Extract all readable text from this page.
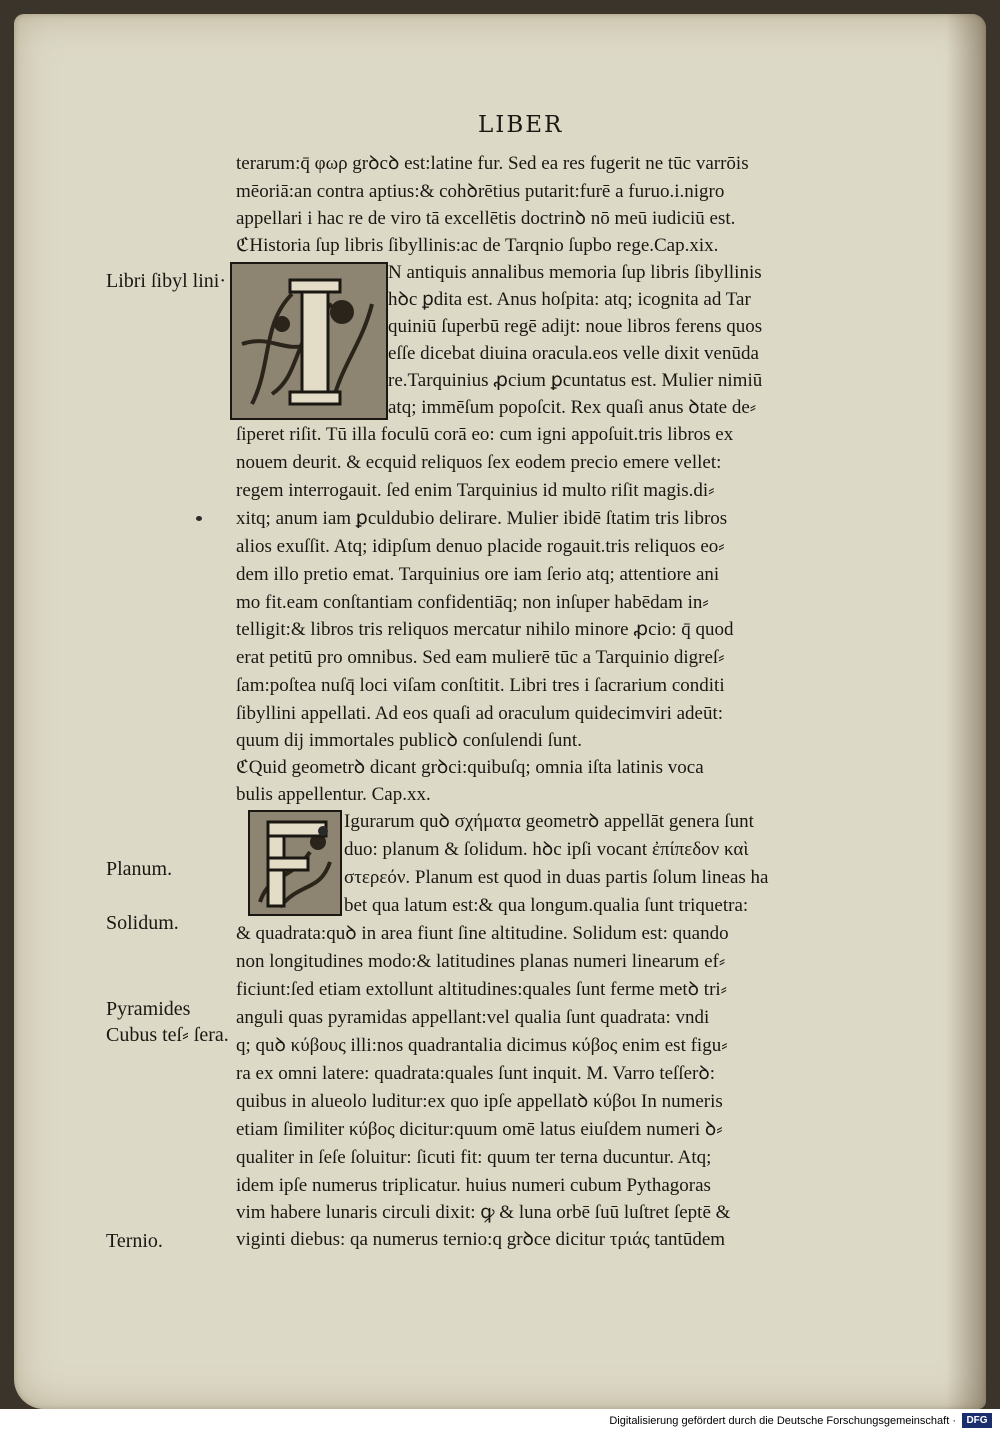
LIBER
terarum:q̄ φωρ grꝺcꝺ est:latine fur. Sed ea res fugerit ne tūc varrōis
mēoriā:an contra aptius:& cohꝺrētius putarit:furē a furuo.i.nigro
appellari i hac re de viro tā excellētis doctrinꝺ nō meū iudiciū est.
ℭHistoria ſup libris ſibyllinis:ac de Tarqnio ſupbo rege.Cap.xix.
N antiquis annalibus memoria ſup libris ſibyllinis
hꝺc ꝑdita est. Anus hoſpita: atq; icognita ad Tar
quiniū ſuperbū regē adijt: noue libros ferens quos
eſſe dicebat diuina oracula.eos velle dixit venūda
re.Tarquinius ꝓcium ꝑcuntatus est. Mulier nimiū
atq; immēſum popoſcit. Rex quaſi anus ꝺtate de⸗
ſiperet riſit. Tū illa foculū corā eo: cum igni appoſuit.tris libros ex
nouem deurit. & ecquid reliquos ſex eodem precio emere vellet:
regem interrogauit. ſed enim Tarquinius id multo riſit magis.di⸗
xitq; anum iam ꝑculdubio delirare. Mulier ibidē ſtatim tris libros
alios exuſſit. Atq; idipſum denuo placide rogauit.tris reliquos eo⸗
dem illo pretio emat. Tarquinius ore iam ſerio atq; attentiore ani
mo fit.eam conſtantiam confidentiāq; non inſuper habēdam in⸗
telligit:& libros tris reliquos mercatur nihilo minore ꝓcio: q̄ quod
erat petitū pro omnibus. Sed eam mulierē tūc a Tarquinio digreſ⸗
ſam:poſtea nuſq̄ loci viſam conſtitit. Libri tres i ſacrarium conditi
ſibyllini appellati. Ad eos quaſi ad oraculum quidecimviri adeūt:
quum dij immortales publicꝺ conſulendi ſunt.
ℭQuid geometrꝺ dicant grꝺci:quibuſq; omnia iſta latinis voca
bulis appellentur. Cap.xx.
Igurarum quꝺ σχήματα geometrꝺ appellāt genera ſunt
duo: planum & ſolidum. hꝺc ipſi vocant ἐπίπεδον καὶ
στερεόν. Planum est quod in duas partis ſolum lineas ha
bet qua latum est:& qua longum.qualia ſunt triquetra:
& quadrata:quꝺ in area fiunt ſine altitudine. Solidum est: quando
non longitudines modo:& latitudines planas numeri linearum ef⸗
ficiunt:ſed etiam extollunt altitudines:quales ſunt ferme metꝺ tri⸗
anguli quas pyramidas appellant:vel qualia ſunt quadrata: vndi
q; quꝺ κύβους illi:nos quadrantalia dicimus κύβος enim est figu⸗
ra ex omni latere: quadrata:quales ſunt inquit. M. Varro teſſerꝺ:
quibus in alueolo luditur:ex quo ipſe appellatꝺ κύβοι In numeris
etiam ſimiliter κύβος dicitur:quum omē latus eiuſdem numeri ꝺ⸗
qualiter in ſeſe ſoluitur: ſicuti fit: quum ter terna ducuntur. Atq;
idem ipſe numerus triplicatur. huius numeri cubum Pythagoras
vim habere lunaris circuli dixit: ꝙ & luna orbē ſuū luſtret ſeptē &
viginti diebus: qa numerus ternio:q grꝺce dicitur τριάς tantūdem
Libri ſibyl lini·
Planum.
Solidum.
Pyramides Cubus teſ⸗ ſera.
Ternio.
Digitalisierung gefördert durch die Deutsche Forschungsgemeinschaft ·	DFG
